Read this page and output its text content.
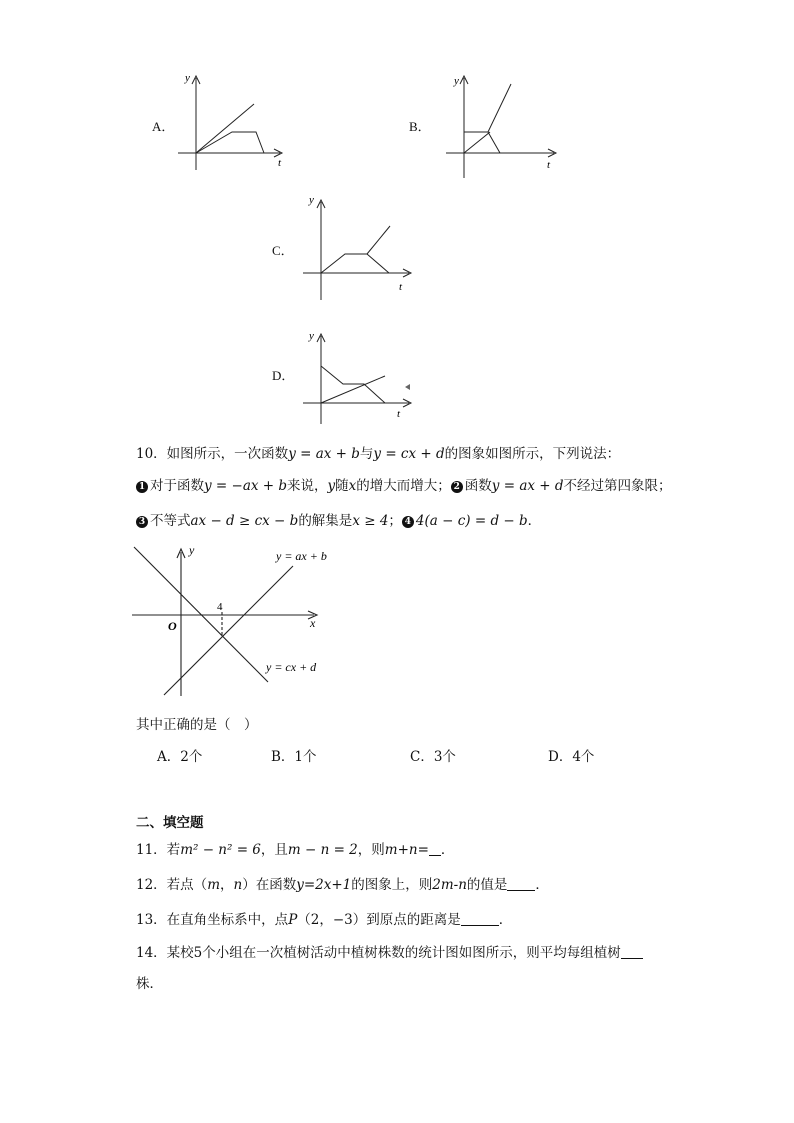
A．
y
t
B．
y
t
C．
y
t
D．
y
t
10．如图所示，一次函数y = ax + b与y = cx + d的图象如图所示，下列说法：
1 对于函数y = −ax + b来说，y随x的增大而增大； 2 函数y = ax + d不经过第四象限；
3 不等式ax − d ≥ cx − b的解集是x ≥ 4； 4 4(a − c) = d − b．
y
x
O
4
y = ax + b
y = cx + d
其中正确的是（　）
A．2个	B．1个	C．3个	D．4个
二、填空题
11．若m² − n² = 6，且m − n = 2，则m+n= ．
12．若点（m，n）在函数y=2x+1的图象上，则2m-n的值是 ．
13．在直角坐标系中，点P（2，−3）到原点的距离是	．
14．某校5个小组在一次植树活动中植树株数的统计图如图所示，则平均每组植树
株．
